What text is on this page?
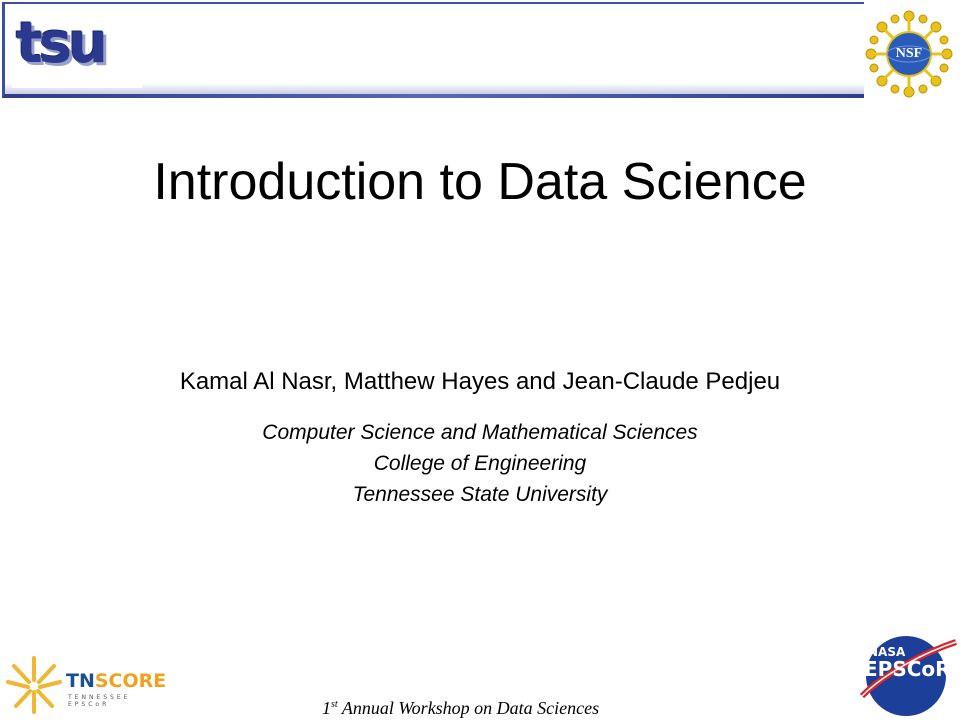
tsu	NSF
Introduction to Data Science
Kamal Al Nasr, Matthew Hayes and Jean-Claude Pedjeu
Computer Science and Mathematical Sciences
College of Engineering
Tennessee State University
TNSCORE
TENNESSEE EPSCoR	1st Annual Workshop on Data Sciences
NASA
EPSCoR
